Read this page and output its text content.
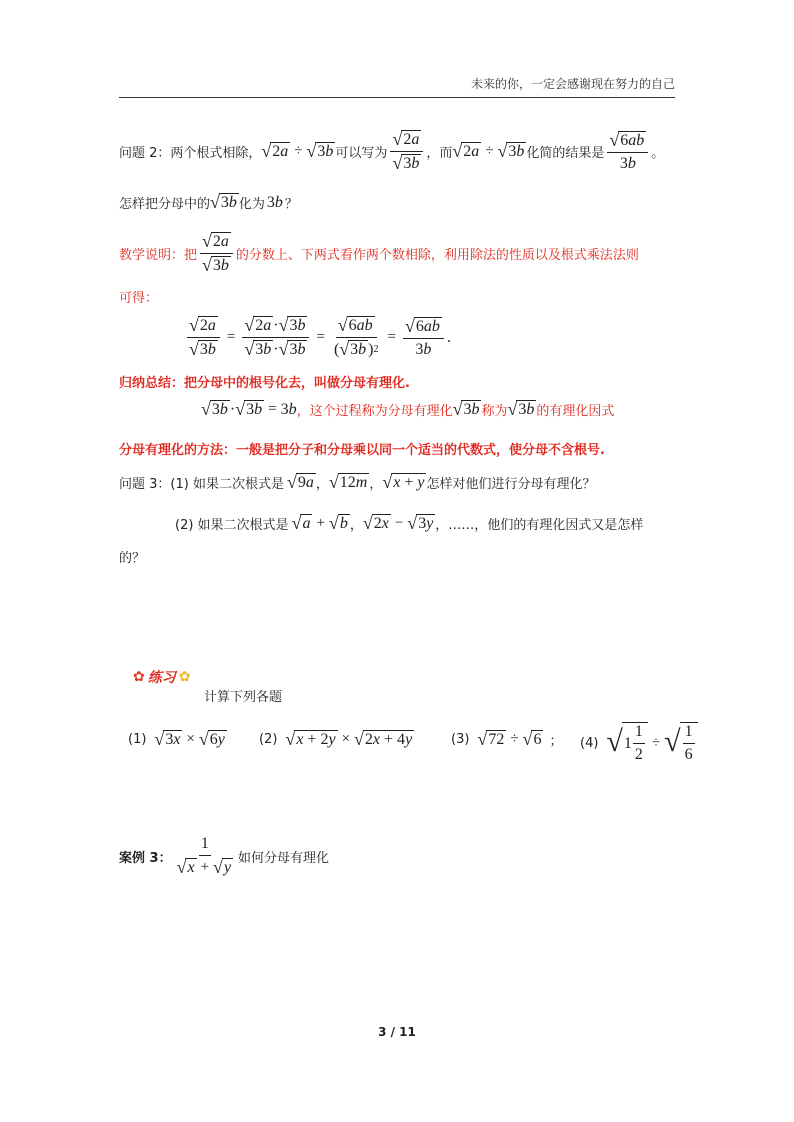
未来的你，一定会感谢现在努力的自己
问题 2：两个根式相除， √ 2a ÷ √ 3b 可以写为 $\frac{√ 2a}{√ 3b}$ ，而 √ 2a ÷ √ 3b 化简的结果是 $\frac{√ 6ab}{3 b}$ 。
怎样把分母中的 √ 3b 化为 3b ？
教学说明：把 $\frac{√ 2a}{√ 3b}$ 的分数上、下两式看作两个数相除，利用除法的性质以及根式乘法法则
可得：
$\frac{√ 2a}{√ 3b} = \frac{√ 2a \cdot √ 3b}{√ 3b \cdot √ 3b} = \frac{√ 6ab}{( √ 3b ) 2} = \frac{√ 6ab}{3 b}$ .
归纳总结：把分母中的根号化去，叫做分母有理化.
√ 3b · √ 3b = 3b ，这个过程称为分母有理化 √ 3b 称为 √ 3b 的有理化因式
分母有理化的方法：一般是把分子和分母乘以同一个适当的代数式，使分母不含根号.
问题 3：(1) 如果二次根式是 √ 9a ， √ 12m ， √ x + y 怎样对他们进行分母有理化？
(2) 如果二次根式是 √ a + √ b ， √ 2x − √ 3y ，……， 他们的有理化因式又是怎样
的？
✿ 练习 ✿
计算下列各题
(1) √ 3x × √ 6y	(2) √ x + 2y × √ 2x + 4y	(3) √ 72 ÷ √ 6 ； (4) √ $1 \frac{1}{2}$ ÷ √ $\frac{1}{6}$
案例 3： $\frac{1}{√ x + √ y}$ 如何分母有理化
3 / 11
